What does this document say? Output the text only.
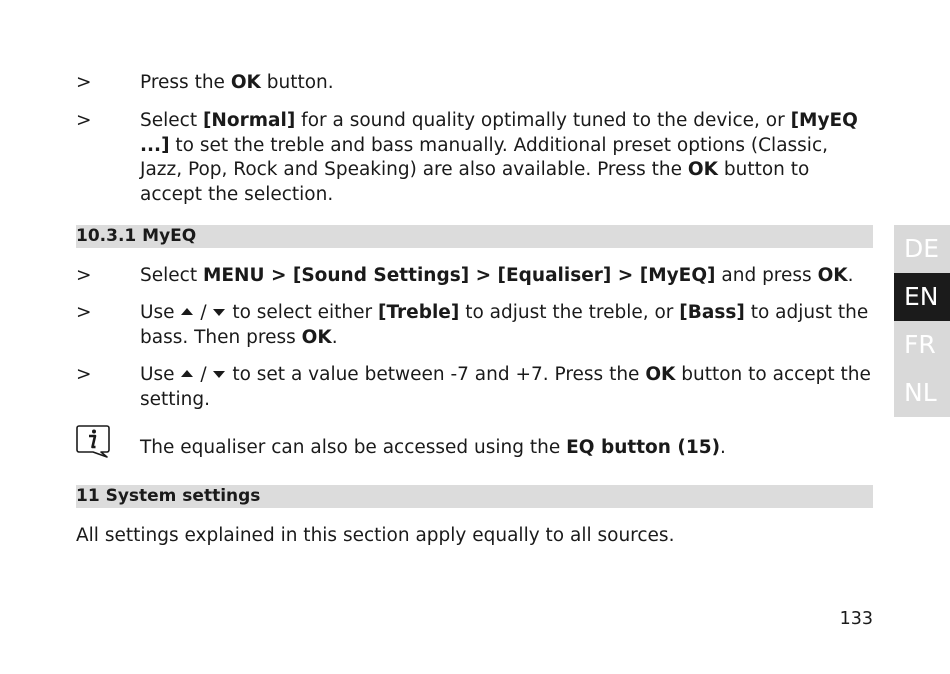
>	Press the OK button.
>	Select [Normal] for a sound quality optimally tuned to the device, or [MyEQ ...] to set the treble and bass manually. Additional preset options (Classic, Jazz, Pop, Rock and Speaking) are also available. Press the OK button to accept the selection.
10.3.1 MyEQ
>	Select MENU > [Sound Settings] > [Equaliser] > [MyEQ] and press OK.
>	Use  /  to select either [Treble] to adjust the treble, or [Bass] to adjust the bass. Then press OK.
>	Use  /  to set a value between -7 and +7. Press the OK button to accept the setting.
The equaliser can also be accessed using the EQ button (15).
11 System settings
All settings explained in this section apply equally to all sources.
133
DE
EN
FR
NL
